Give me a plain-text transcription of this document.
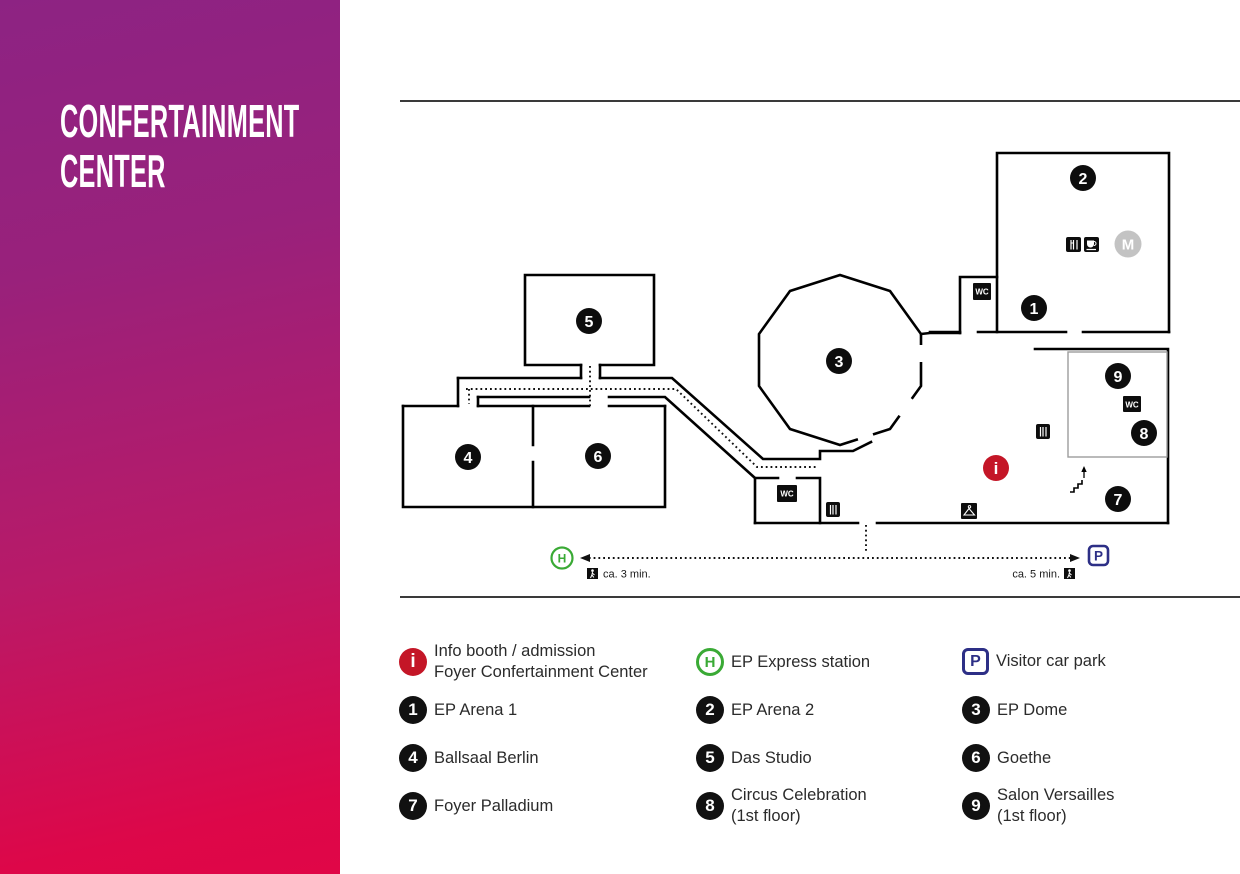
CONFERTAINMENT
CENTER	2
1
5
3
9
8
4	6
7
i
WC
WC
WC
M
H	P
ca. 3 min.	ca. 5 min.
i	Info booth / admission
Foyer Confertainment Center
1 EP Arena 1
4 Ballsaal Berlin
7 Foyer Palladium
H EP Express station
2 EP Arena 2
5 Das Studio
8
Circus Celebration
(1st floor)
P Visitor car park
3 EP Dome
6 Goethe
9
Salon Versailles
(1st floor)
